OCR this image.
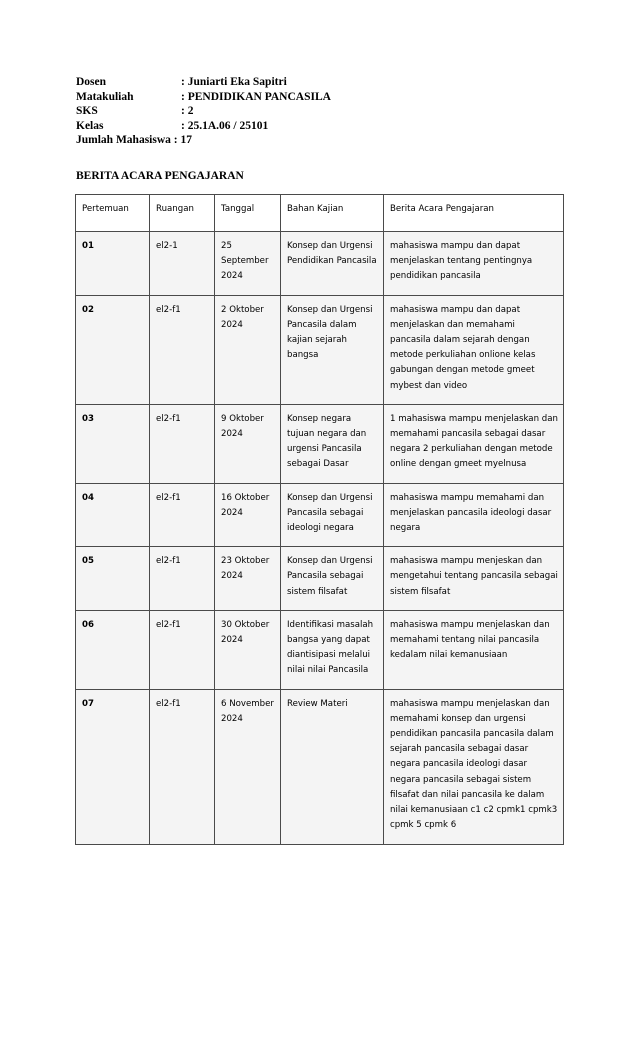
Dosen	: Juniarti Eka Sapitri
Matakuliah	: PENDIDIKAN PANCASILA
SKS	: 2
Kelas	: 25.1A.06 / 25101
Jumlah Mahasiswa : 17
BERITA ACARA PENGAJARAN
Pertemuan	Ruangan	Tanggal	Bahan Kajian	Berita Acara Pengajaran
01	el2-1	25 September 2024	Konsep dan Urgensi Pendidikan Pancasila	mahasiswa mampu dan dapat menjelaskan tentang pentingnya pendidikan pancasila
02	el2-f1	2 Oktober 2024	Konsep dan Urgensi Pancasila dalam kajian sejarah bangsa	mahasiswa mampu dan dapat menjelaskan dan memahami pancasila dalam sejarah dengan metode perkuliahan onlione kelas gabungan dengan metode gmeet mybest dan video
03	el2-f1	9 Oktober 2024	Konsep negara tujuan negara dan urgensi Pancasila sebagai Dasar	1 mahasiswa mampu menjelaskan dan memahami pancasila sebagai dasar negara 2 perkuliahan dengan metode online dengan gmeet myelnusa
04	el2-f1	16 Oktober 2024	Konsep dan Urgensi Pancasila sebagai ideologi negara	mahasiswa mampu memahami dan menjelaskan pancasila ideologi dasar negara
05	el2-f1	23 Oktober 2024	Konsep dan Urgensi Pancasila sebagai sistem filsafat	mahasiswa mampu menjeskan dan mengetahui tentang pancasila sebagai sistem filsafat
06	el2-f1	30 Oktober 2024	Identifikasi masalah bangsa yang dapat diantisipasi melalui nilai nilai Pancasila	mahasiswa mampu menjelaskan dan memahami tentang nilai pancasila kedalam nilai kemanusiaan
07	el2-f1	6 November 2024	Review Materi	mahasiswa mampu menjelaskan dan memahami konsep dan urgensi pendidikan pancasila pancasila dalam sejarah pancasila sebagai dasar negara pancasila ideologi dasar negara pancasila sebagai sistem filsafat dan nilai pancasila ke dalam nilai kemanusiaan c1 c2 cpmk1 cpmk3 cpmk 5 cpmk 6
